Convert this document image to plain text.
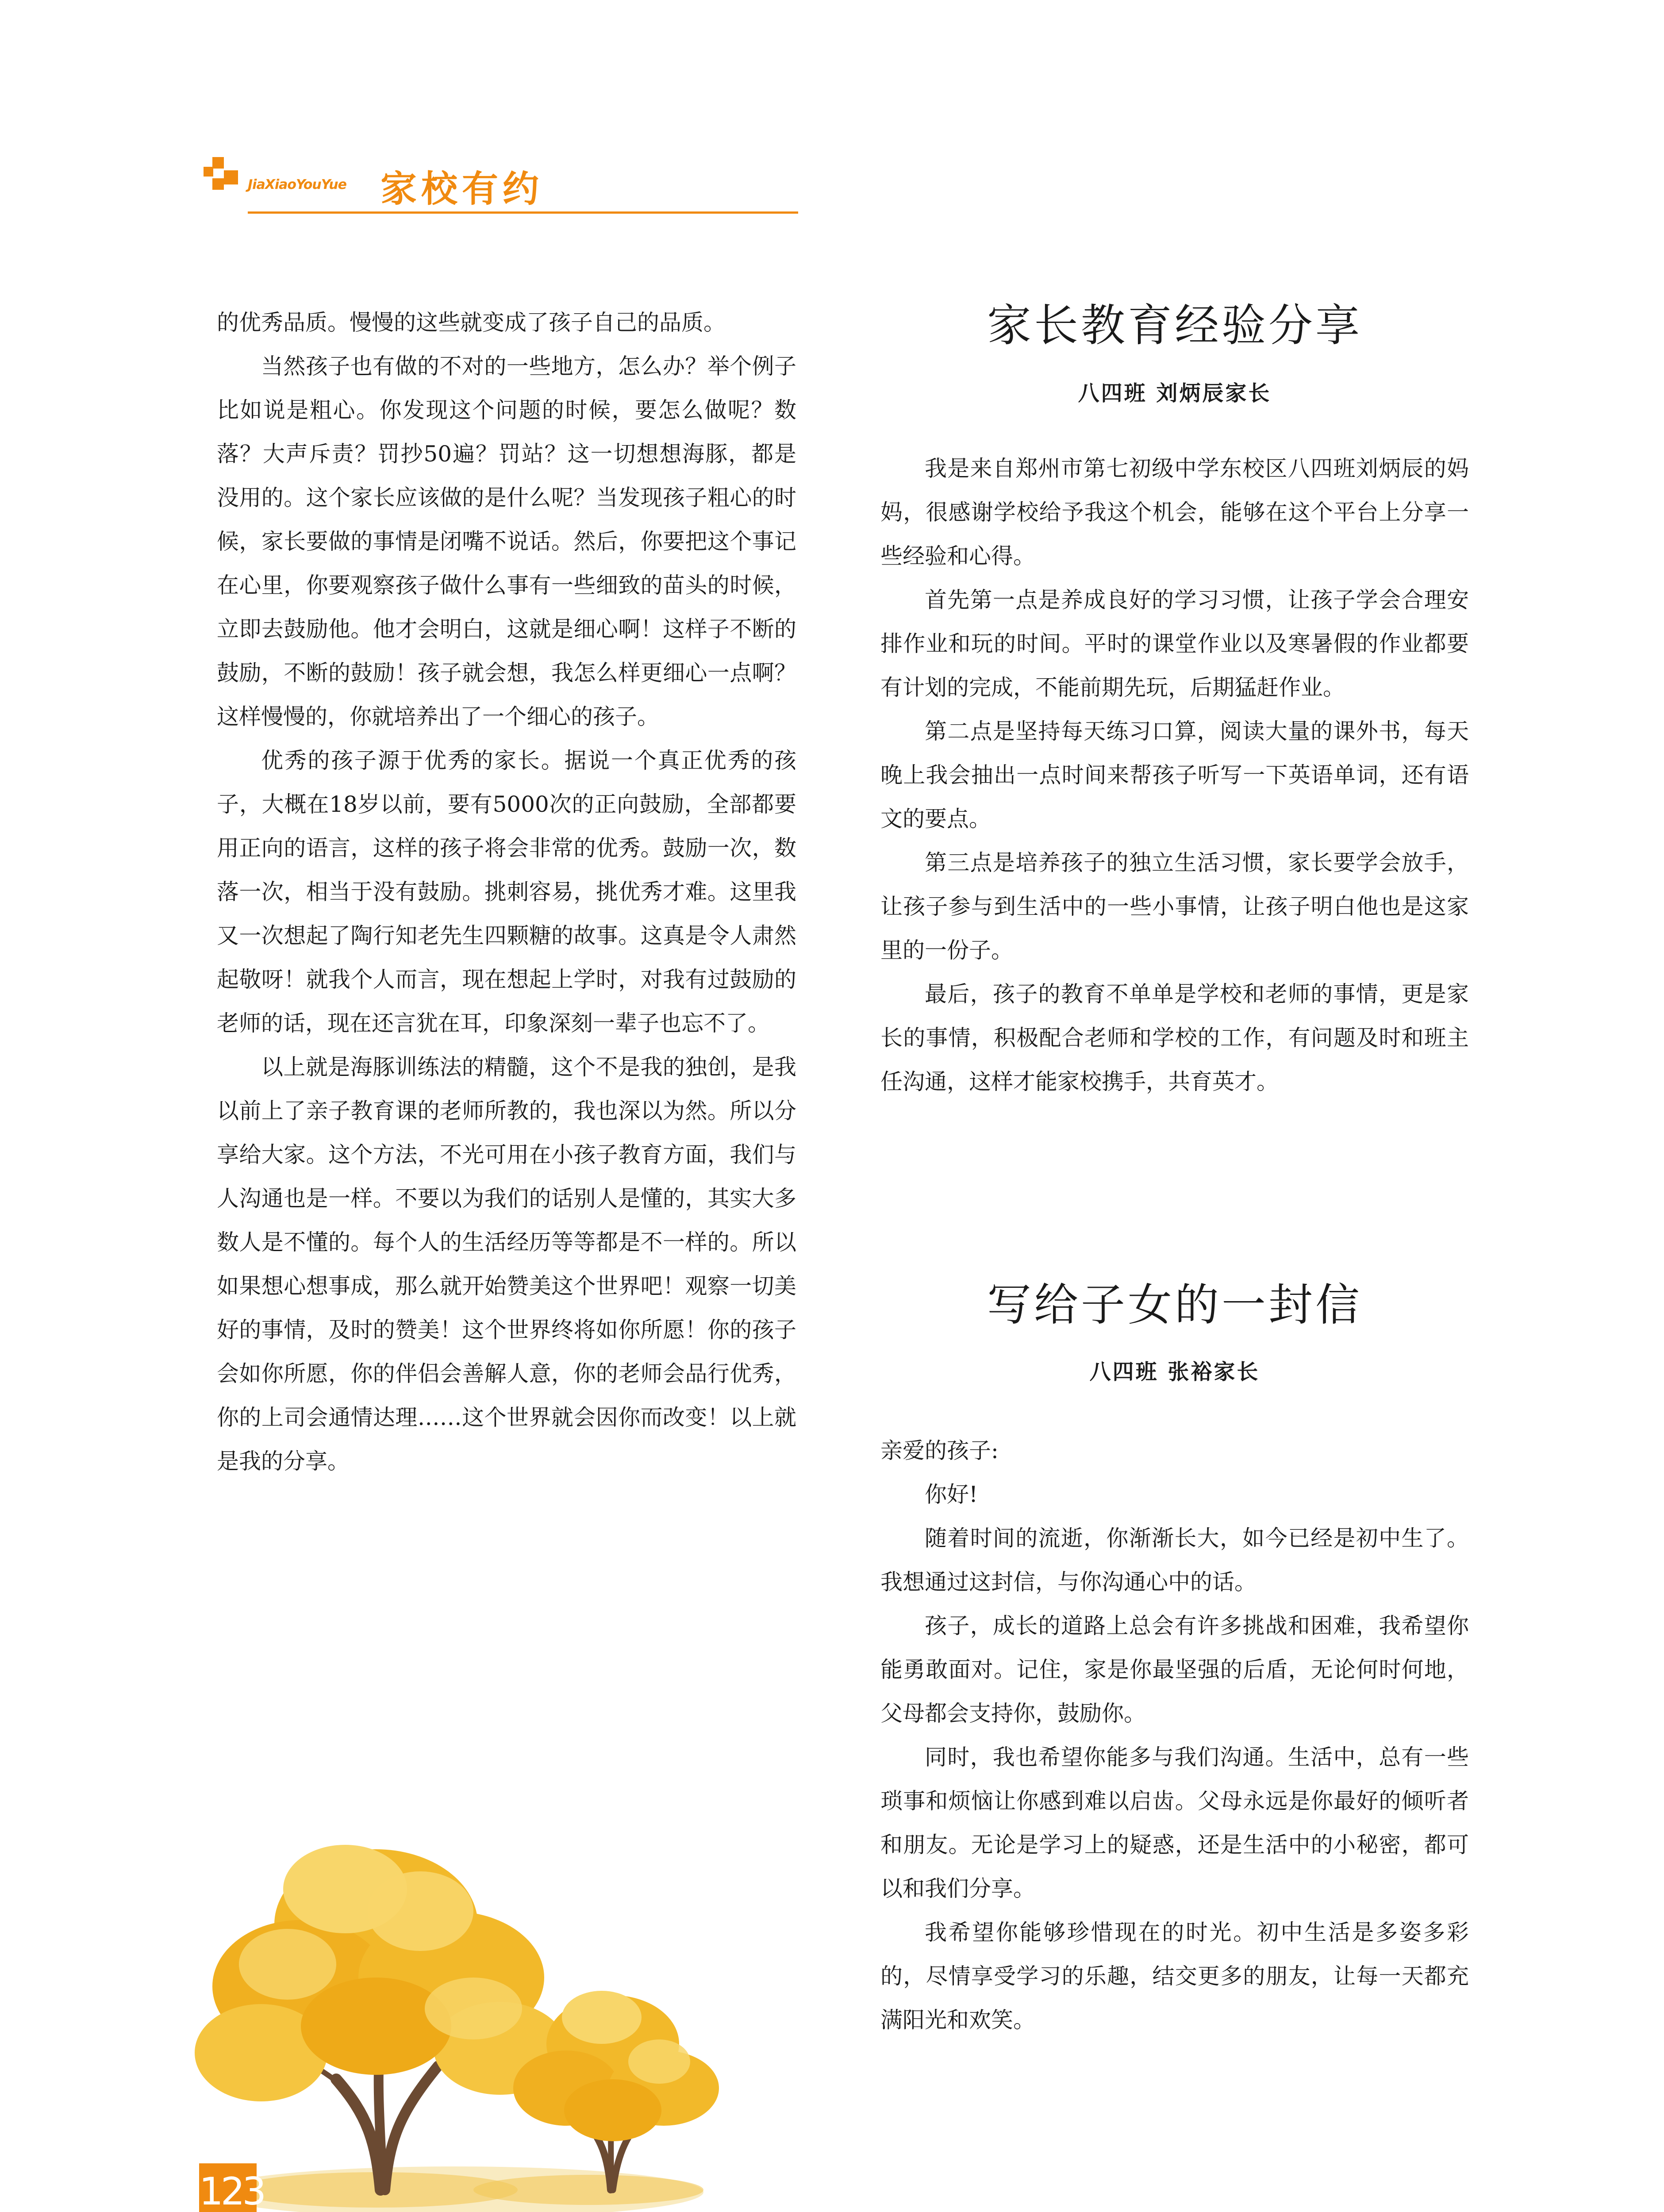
JiaXiaoYouYue 家校有约

的优秀品质。慢慢的这些就变成了孩子自己的品质。

当然孩子也有做的不对的一些地方，怎么办？举个例子比如说是粗心。你发现这个问题的时候，要怎么做呢？数落？大声斥责？罚抄50遍？罚站？这一切想想海豚，都是没用的。这个家长应该做的是什么呢？当发现孩子粗心的时候，家长要做的事情是闭嘴不说话。然后，你要把这个事记在心里，你要观察孩子做什么事有一些细致的苗头的时候，立即去鼓励他。他才会明白，这就是细心啊！这样子不断的鼓励，不断的鼓励！孩子就会想，我怎么样更细心一点啊？这样慢慢的，你就培养出了一个细心的孩子。

优秀的孩子源于优秀的家长。据说一个真正优秀的孩子，大概在18岁以前，要有5000次的正向鼓励，全部都要用正向的语言，这样的孩子将会非常的优秀。鼓励一次，数落一次，相当于没有鼓励。挑刺容易，挑优秀才难。这里我又一次想起了陶行知老先生四颗糖的故事。这真是令人肃然起敬呀！就我个人而言，现在想起上学时，对我有过鼓励的老师的话，现在还言犹在耳，印象深刻一辈子也忘不了。

以上就是海豚训练法的精髓，这个不是我的独创，是我以前上了亲子教育课的老师所教的，我也深以为然。所以分享给大家。这个方法，不光可用在小孩子教育方面，我们与人沟通也是一样。不要以为我们的话别人是懂的，其实大多数人是不懂的。每个人的生活经历等等都是不一样的。所以如果想心想事成，那么就开始赞美这个世界吧！观察一切美好的事情，及时的赞美！这个世界终将如你所愿！你的孩子会如你所愿，你的伴侣会善解人意，你的老师会品行优秀，你的上司会通情达理……这个世界就会因你而改变！以上就是我的分享。

家长教育经验分享
八四班 刘炳辰家长

我是来自郑州市第七初级中学东校区八四班刘炳辰的妈妈，很感谢学校给予我这个机会，能够在这个平台上分享一些经验和心得。

首先第一点是养成良好的学习习惯，让孩子学会合理安排作业和玩的时间。平时的课堂作业以及寒暑假的作业都要有计划的完成，不能前期先玩，后期猛赶作业。

第二点是坚持每天练习口算，阅读大量的课外书，每天晚上我会抽出一点时间来帮孩子听写一下英语单词，还有语文的要点。

第三点是培养孩子的独立生活习惯，家长要学会放手，让孩子参与到生活中的一些小事情，让孩子明白他也是这家里的一份子。

最后，孩子的教育不单单是学校和老师的事情，更是家长的事情，积极配合老师和学校的工作，有问题及时和班主任沟通，这样才能家校携手，共育英才。

写给子女的一封信
八四班 张裕家长

亲爱的孩子:

你好!

随着时间的流逝，你渐渐长大，如今已经是初中生了。我想通过这封信，与你沟通心中的话。

孩子，成长的道路上总会有许多挑战和困难，我希望你能勇敢面对。记住，家是你最坚强的后盾，无论何时何地，父母都会支持你，鼓励你。

同时，我也希望你能多与我们沟通。生活中，总有一些琐事和烦恼让你感到难以启齿。父母永远是你最好的倾听者和朋友。无论是学习上的疑惑，还是生活中的小秘密，都可以和我们分享。

我希望你能够珍惜现在的时光。初中生活是多姿多彩的，尽情享受学习的乐趣，结交更多的朋友，让每一天都充满阳光和欢笑。

123
